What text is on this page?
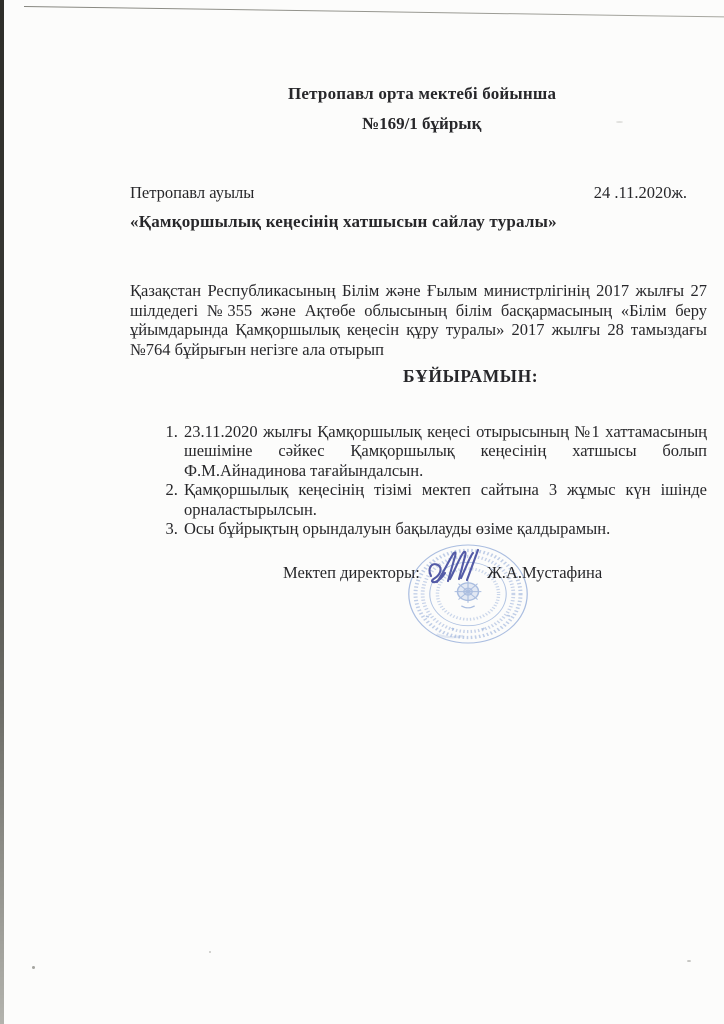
Петропавл орта мектебі бойынша
№169/1 бұйрық
Петропавл ауылы	24 .11.2020ж.
«Қамқоршылық кеңесінің хатшысын сайлау туралы»
Қазақстан Республикасының Білім және Ғылым министрлігінің 2017 жылғы 27 шілдедегі №355 және Ақтөбе облысының білім басқармасының «Білім беру ұйымдарында Қамқоршылық кеңесін құру туралы» 2017 жылғы 28 тамыздағы №764 бұйрығын негізге ала отырып
БҰЙЫРАМЫН:
1. 23.11.2020 жылғы Қамқоршылық кеңесі отырысының №1 хаттамасының шешіміне сәйкес Қамқоршылық кеңесінің хатшысы болып Ф.М.Айнадинова тағайындалсын.
2. Қамқоршылық кеңесінің тізімі мектеп сайтына 3 жұмыс күн ішінде орналастырылсын.
3. Осы бұйрықтың орындалуын бақылауды өзіме қалдырамын.
Мектеп директоры:	Ж.А.Мустафина
